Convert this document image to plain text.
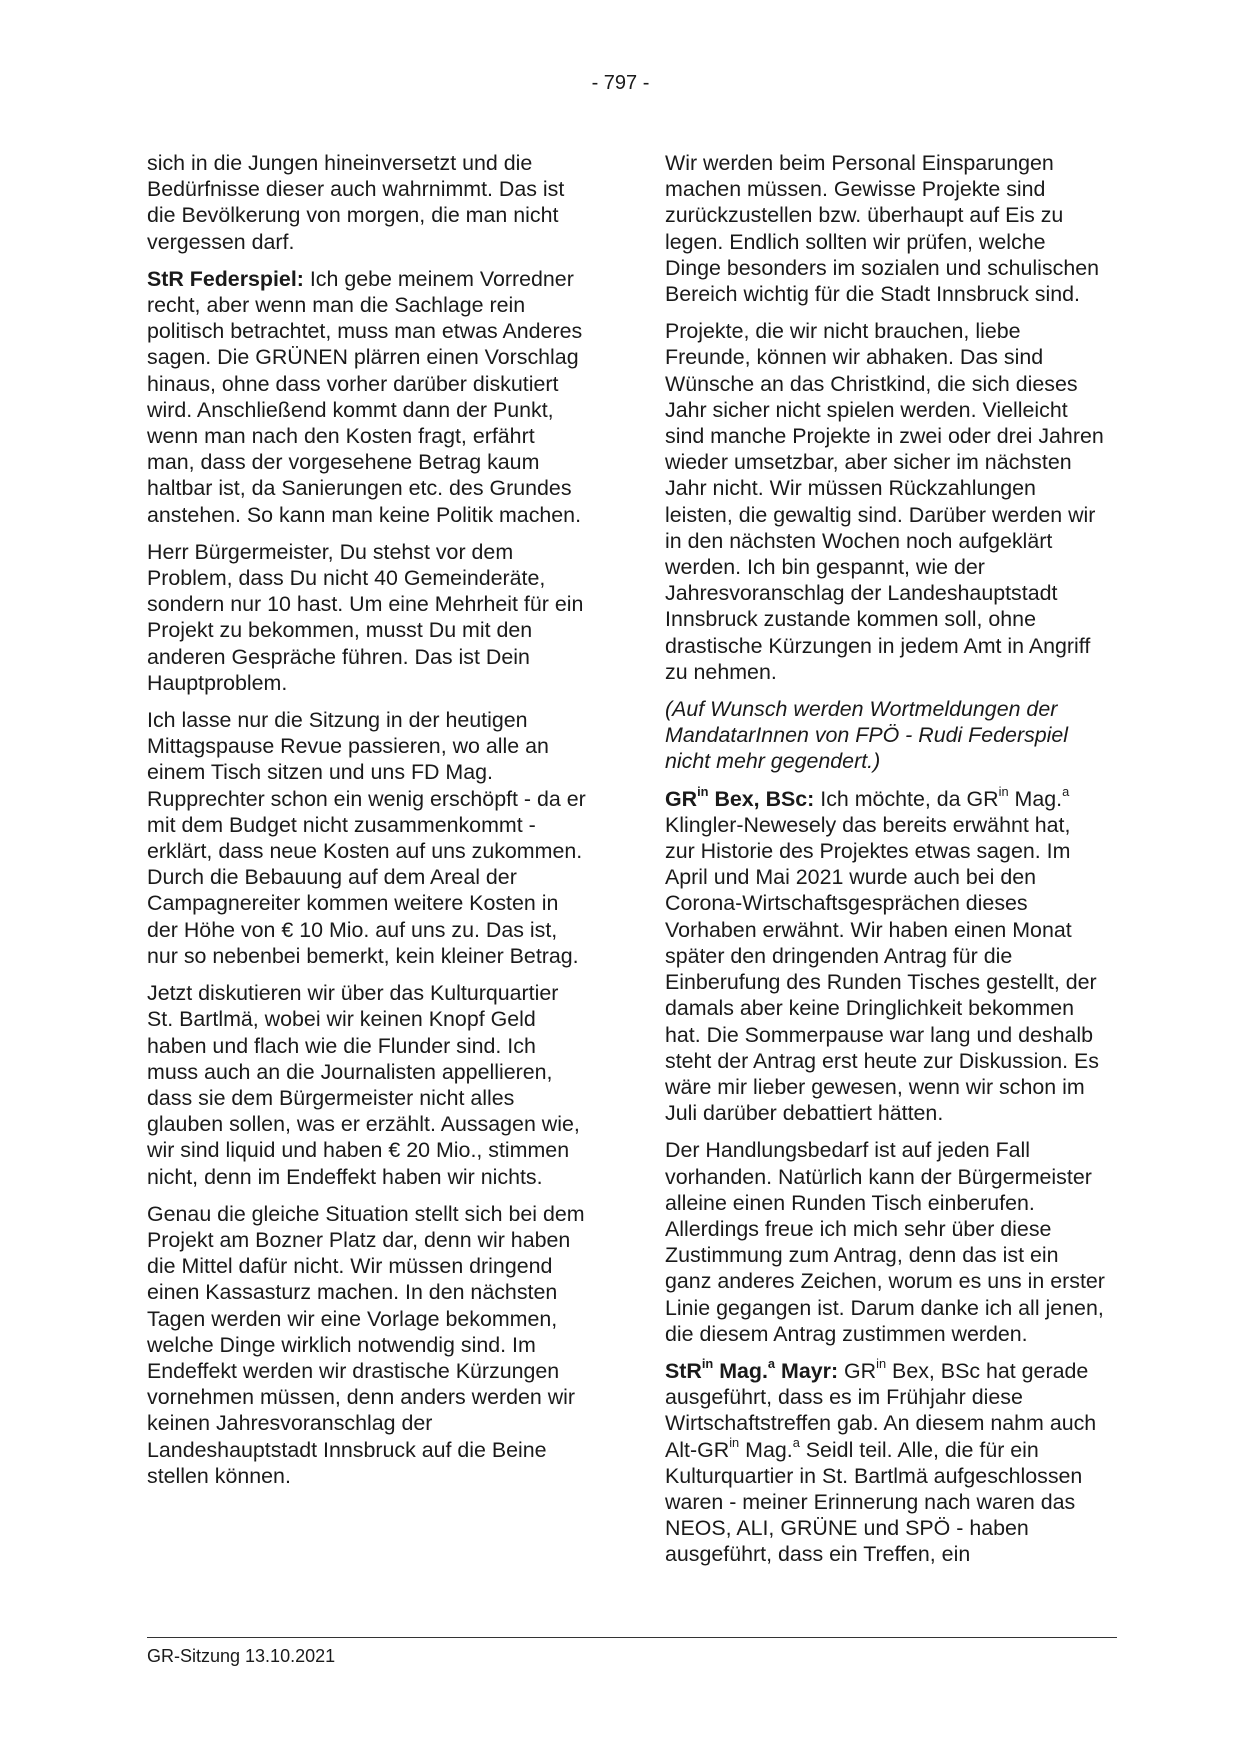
- 797 -

sich in die Jungen hineinversetzt und die Bedürfnisse dieser auch wahrnimmt. Das ist die Bevölkerung von morgen, die man nicht vergessen darf.

StR Federspiel: Ich gebe meinem Vorredner recht, aber wenn man die Sachlage rein politisch betrachtet, muss man etwas Anderes sagen. Die GRÜNEN plärren einen Vorschlag hinaus, ohne dass vorher darüber diskutiert wird. Anschließend kommt dann der Punkt, wenn man nach den Kosten fragt, erfährt man, dass der vorgesehene Betrag kaum haltbar ist, da Sanierungen etc. des Grundes anstehen. So kann man keine Politik machen.

Herr Bürgermeister, Du stehst vor dem Problem, dass Du nicht 40 Gemeinderäte, sondern nur 10 hast. Um eine Mehrheit für ein Projekt zu bekommen, musst Du mit den anderen Gespräche führen. Das ist Dein Hauptproblem.

Ich lasse nur die Sitzung in der heutigen Mittagspause Revue passieren, wo alle an einem Tisch sitzen und uns FD Mag. Rupprechter schon ein wenig erschöpft - da er mit dem Budget nicht zusammenkommt - erklärt, dass neue Kosten auf uns zukommen. Durch die Bebauung auf dem Areal der Campagnereiter kommen weitere Kosten in der Höhe von € 10 Mio. auf uns zu. Das ist, nur so nebenbei bemerkt, kein kleiner Betrag.

Jetzt diskutieren wir über das Kulturquartier St. Bartlmä, wobei wir keinen Knopf Geld haben und flach wie die Flunder sind. Ich muss auch an die Journalisten appellieren, dass sie dem Bürgermeister nicht alles glauben sollen, was er erzählt. Aussagen wie, wir sind liquid und haben € 20 Mio., stimmen nicht, denn im Endeffekt haben wir nichts.

Genau die gleiche Situation stellt sich bei dem Projekt am Bozner Platz dar, denn wir haben die Mittel dafür nicht. Wir müssen dringend einen Kassasturz machen. In den nächsten Tagen werden wir eine Vorlage bekommen, welche Dinge wirklich notwendig sind. Im Endeffekt werden wir drastische Kürzungen vornehmen müssen, denn anders werden wir keinen Jahresvoranschlag der Landeshauptstadt Innsbruck auf die Beine stellen können.

Wir werden beim Personal Einsparungen machen müssen. Gewisse Projekte sind zurückzustellen bzw. überhaupt auf Eis zu legen. Endlich sollten wir prüfen, welche Dinge besonders im sozialen und schulischen Bereich wichtig für die Stadt Innsbruck sind.

Projekte, die wir nicht brauchen, liebe Freunde, können wir abhaken. Das sind Wünsche an das Christkind, die sich dieses Jahr sicher nicht spielen werden. Vielleicht sind manche Projekte in zwei oder drei Jahren wieder umsetzbar, aber sicher im nächsten Jahr nicht. Wir müssen Rückzahlungen leisten, die gewaltig sind. Darüber werden wir in den nächsten Wochen noch aufgeklärt werden. Ich bin gespannt, wie der Jahresvoranschlag der Landeshauptstadt Innsbruck zustande kommen soll, ohne drastische Kürzungen in jedem Amt in Angriff zu nehmen.

(Auf Wunsch werden Wortmeldungen der MandatarInnen von FPÖ - Rudi Federspiel nicht mehr gegendert.)

$GR^{in}$ Bex, BSc: Ich möchte, da $GR^{in}$ Mag.$^a$ Klingler-Newesely das bereits erwähnt hat, zur Historie des Projektes etwas sagen. Im April und Mai 2021 wurde auch bei den Corona-Wirtschaftsgesprächen dieses Vorhaben erwähnt. Wir haben einen Monat später den dringenden Antrag für die Einberufung des Runden Tisches gestellt, der damals aber keine Dringlichkeit bekommen hat. Die Sommerpause war lang und deshalb steht der Antrag erst heute zur Diskussion. Es wäre mir lieber gewesen, wenn wir schon im Juli darüber debattiert hätten.

Der Handlungsbedarf ist auf jeden Fall vorhanden. Natürlich kann der Bürgermeister alleine einen Runden Tisch einberufen. Allerdings freue ich mich sehr über diese Zustimmung zum Antrag, denn das ist ein ganz anderes Zeichen, worum es uns in erster Linie gegangen ist. Darum danke ich all jenen, die diesem Antrag zustimmen werden.

StR$^{in}$ Mag.$^a$ Mayr: $GR^{in}$ Bex, BSc hat gerade ausgeführt, dass es im Frühjahr diese Wirtschaftstreffen gab. An diesem nahm auch Alt-$GR^{in}$ Mag.$^a$ Seidl teil. Alle, die für ein Kulturquartier in St. Bartlmä aufgeschlossen waren - meiner Erinnerung nach waren das NEOS, ALI, GRÜNE und SPÖ - haben ausgeführt, dass ein Treffen, ein

GR-Sitzung 13.10.2021
